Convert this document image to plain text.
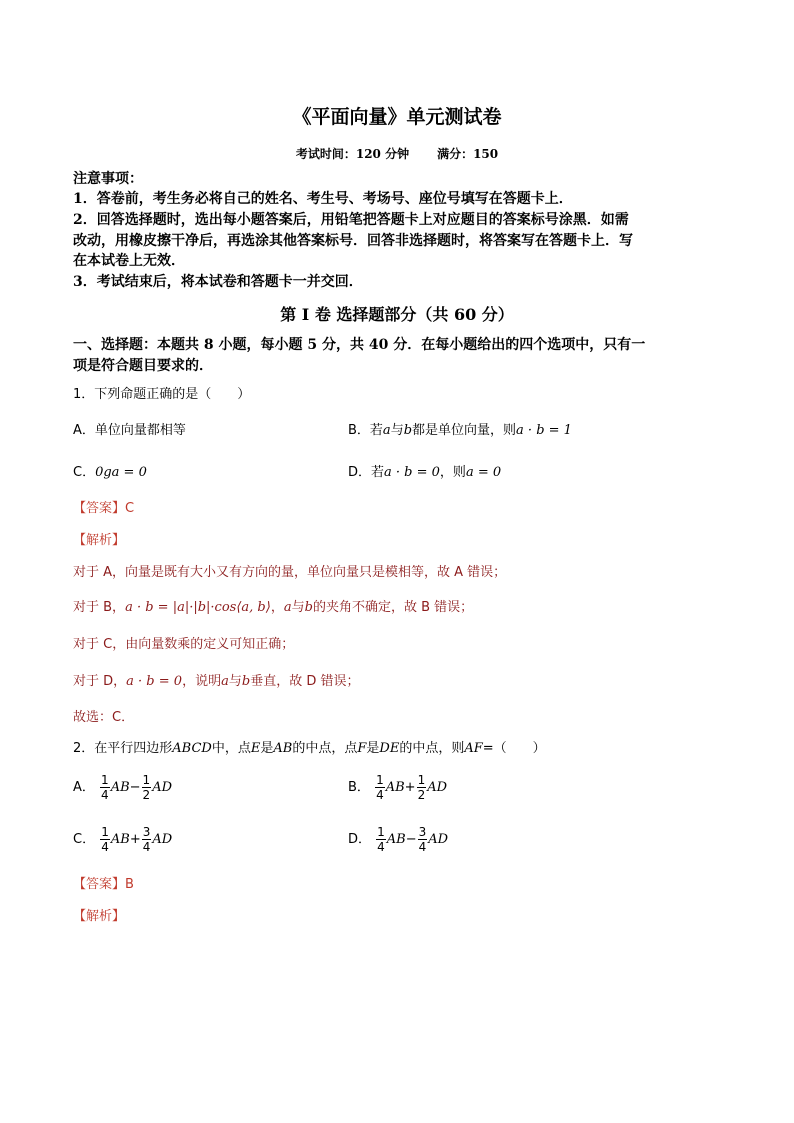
《平面向量》单元测试卷
考试时间：120 分钟 满分：150
注意事项：
1．答卷前，考生务必将自己的姓名、考生号、考场号、座位号填写在答题卡上．
2．回答选择题时，选出每小题答案后，用铅笔把答题卡上对应题目的答案标号涂黑．如需
改动，用橡皮擦干净后，再选涂其他答案标号．回答非选择题时，将答案写在答题卡上．写
在本试卷上无效．
3．考试结束后，将本试卷和答题卡一并交回．
第 I 卷 选择题部分（共 60 分）
一、选择题：本题共 8 小题，每小题 5 分，共 40 分．在每小题给出的四个选项中，只有一
项是符合题目要求的．
1．下列命题正确的是（　　）
A．单位向量都相等	B．若a与b都是单位向量，则a · b = 1
C．0ga = 0	D．若a · b = 0，则a = 0
【答案】C
【解析】
对于 A，向量是既有大小又有方向的量，单位向量只是模相等，故 A 错误；
对于 B，a · b = |a|·|b|·cos⟨a, b⟩，a与b的夹角不确定，故 B 错误；
对于 C，由向量数乘的定义可知正确；
对于 D，a · b = 0，说明a与b垂直，故 D 错误；
故选：C．
2．在平行四边形ABCD中，点E是AB的中点，点F是DE的中点，则AF=（　　）
A． $\frac{1}{4} AB- \frac{1}{2}$ AD	B． $\frac{1}{4} AB+ \frac{1}{2}$ AD
C． $\frac{1}{4} AB+ \frac{3}{4}$ AD	D． $\frac{1}{4} AB- \frac{3}{4}$ AD
【答案】B
【解析】
